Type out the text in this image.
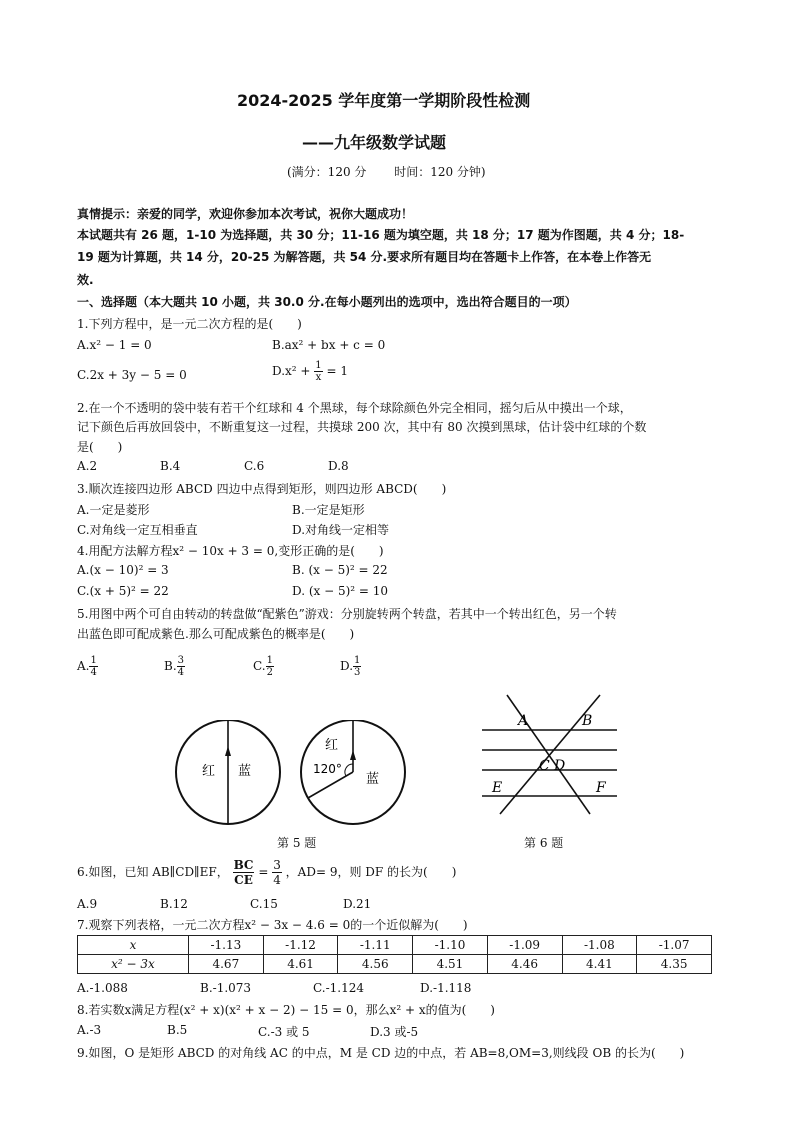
2024-2025 学年度第一学期阶段性检测
——九年级数学试题
(满分：120 分　　 时间：120 分钟)
真情提示：亲爱的同学，欢迎你参加本次考试，祝你大题成功！
本试题共有 26 题，1-10 为选择题，共 30 分；11-16 题为填空题，共 18 分；17 题为作图题，共 4 分；18-
19 题为计算题，共 14 分，20-25 为解答题，共 54 分.要求所有题目均在答题卡上作答，在本卷上作答无
效.
一、选择题（本大题共 10 小题，共 30.0 分.在每小题列出的选项中，选出符合题目的一项）
1.下列方程中，是一元二次方程的是(　　)
A.x² − 1 = 0	B.ax² + bx + c = 0
C.2x + 3y − 5 = 0	$D.x^2 + \frac{1}{x} = 1$
2.在一个不透明的袋中装有若干个红球和 4 个黑球，每个球除颜色外完全相同，摇匀后从中摸出一个球，
记下颜色后再放回袋中，不断重复这一过程，共摸球 200 次，其中有 80 次摸到黑球，估计袋中红球的个数
是(　　)
A.2	B.4	C.6	D.8
3.顺次连接四边形 ABCD 四边中点得到矩形，则四边形 ABCD(　　)
A.一定是菱形	B.一定是矩形
C.对角线一定互相垂直	D.对角线一定相等
4.用配方法解方程x² − 10x + 3 = 0,变形正确的是(　　)
A.(x − 10)² = 3	B. (x − 5)² = 22
C.(x + 5)² = 22	D. (x − 5)² = 10
5.用图中两个可自由转动的转盘做“配紫色”游戏：分别旋转两个转盘，若其中一个转出红色，另一个转
出蓝色即可配成紫色.那么可配成紫色的概率是(　　)
A. $\frac{1}{4}$	B. $\frac{3}{4}$	C. $\frac{1}{2}$	D. $\frac{1}{3}$
红 蓝
红
120°
蓝
第 5 题
A	B
C D
E	F
第 6 题
6.如图，已知 AB∥CD∥EF， $\frac{BC}{CE} = \frac{3}{4}$ ，AD= 9，则 DF 的长为(　　)
A.9	B.12	C.15	D.21
7.观察下列表格，一元二次方程x² − 3x − 4.6 = 0的一个近似解为(　　)
x	-1.13	-1.12	-1.11	-1.10	-1.09	-1.08	-1.07
x² − 3x	4.67	4.61	4.56	4.51	4.46	4.41	4.35
A.-1.088	B.-1.073	C.-1.124	D.-1.118
8.若实数x满足方程(x² + x)(x² + x − 2) − 15 = 0，那么x² + x的值为(　　)
A.-3	B.5	C.-3 或 5	D.3 或-5
9.如图，O 是矩形 ABCD 的对角线 AC 的中点，M 是 CD 边的中点，若 AB=8,OM=3,则线段 OB 的长为(　　)
